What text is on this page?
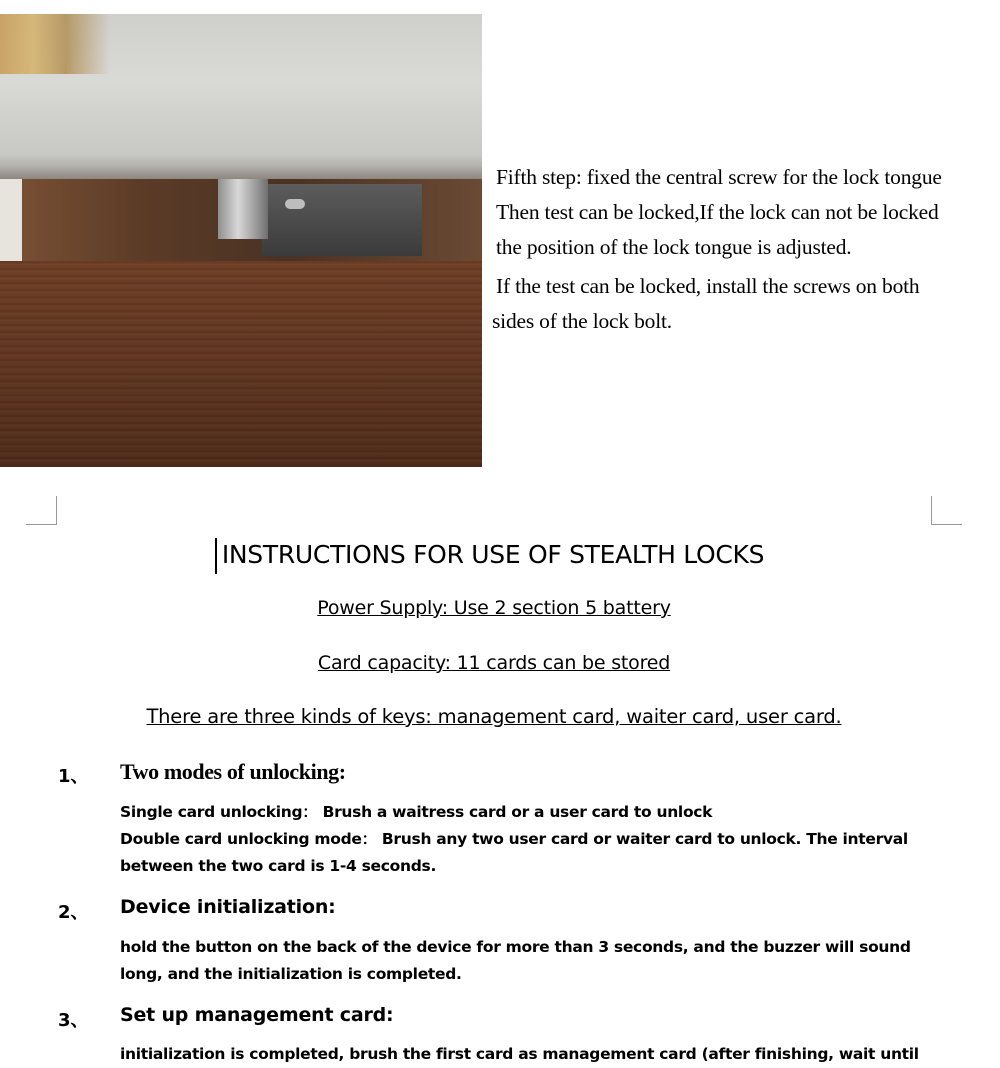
Fifth step: fixed the central screw for the lock tongue
Then test can be locked,If the lock can not be locked
the position of the lock tongue is adjusted.
If the test can be locked, install the screws on both
sides of the lock bolt.
INSTRUCTIONS FOR USE OF STEALTH LOCKS
Power Supply: Use 2 section 5 battery
Card capacity: 11 cards can be stored
There are three kinds of keys: management card, waiter card, user card.
1、 Two modes of unlocking:
Single card unlocking： Brush a waitress card or a user card to unlock
Double card unlocking mode： Brush any two user card or waiter card to unlock. The interval
between the two card is 1-4 seconds.
2、 Device initialization:
hold the button on the back of the device for more than 3 seconds, and the buzzer will sound
long, and the initialization is completed.
3、 Set up management card:
initialization is completed, brush the first card as management card (after finishing, wait until
